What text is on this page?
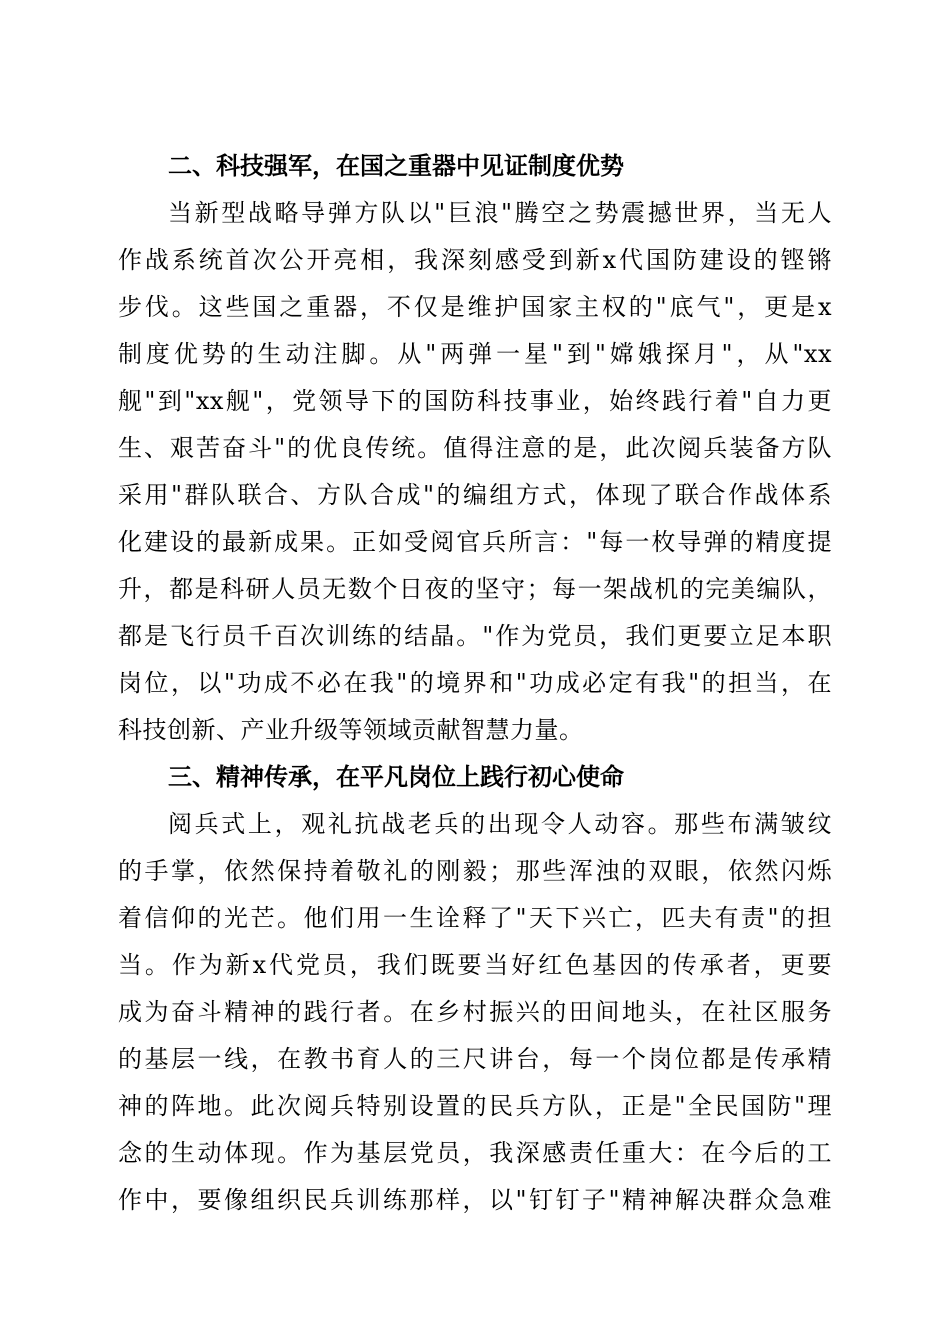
二、科技强军，在国之重器中见证制度优势

当新型战略导弹方队以"巨浪"腾空之势震撼世界，当无人

作战系统首次公开亮相，我深刻感受到新x代国防建设的铿锵

步伐。这些国之重器，不仅是维护国家主权的"底气"，更是x

制度优势的生动注脚。从"两弹一星"到"嫦娥探月"，从"xx

舰"到"xx舰"，党领导下的国防科技事业，始终践行着"自力更

生、艰苦奋斗"的优良传统。值得注意的是，此次阅兵装备方队

采用"群队联合、方队合成"的编组方式，体现了联合作战体系

化建设的最新成果。正如受阅官兵所言："每一枚导弹的精度提

升，都是科研人员无数个日夜的坚守；每一架战机的完美编队，

都是飞行员千百次训练的结晶。"作为党员，我们更要立足本职

岗位，以"功成不必在我"的境界和"功成必定有我"的担当，在

科技创新、产业升级等领域贡献智慧力量。

三、精神传承，在平凡岗位上践行初心使命

阅兵式上，观礼抗战老兵的出现令人动容。那些布满皱纹

的手掌，依然保持着敬礼的刚毅；那些浑浊的双眼，依然闪烁

着信仰的光芒。他们用一生诠释了"天下兴亡，匹夫有责"的担

当。作为新x代党员，我们既要当好红色基因的传承者，更要

成为奋斗精神的践行者。在乡村振兴的田间地头，在社区服务

的基层一线，在教书育人的三尺讲台，每一个岗位都是传承精

神的阵地。此次阅兵特别设置的民兵方队，正是"全民国防"理

念的生动体现。作为基层党员，我深感责任重大：在今后的工

作中，要像组织民兵训练那样，以"钉钉子"精神解决群众急难
